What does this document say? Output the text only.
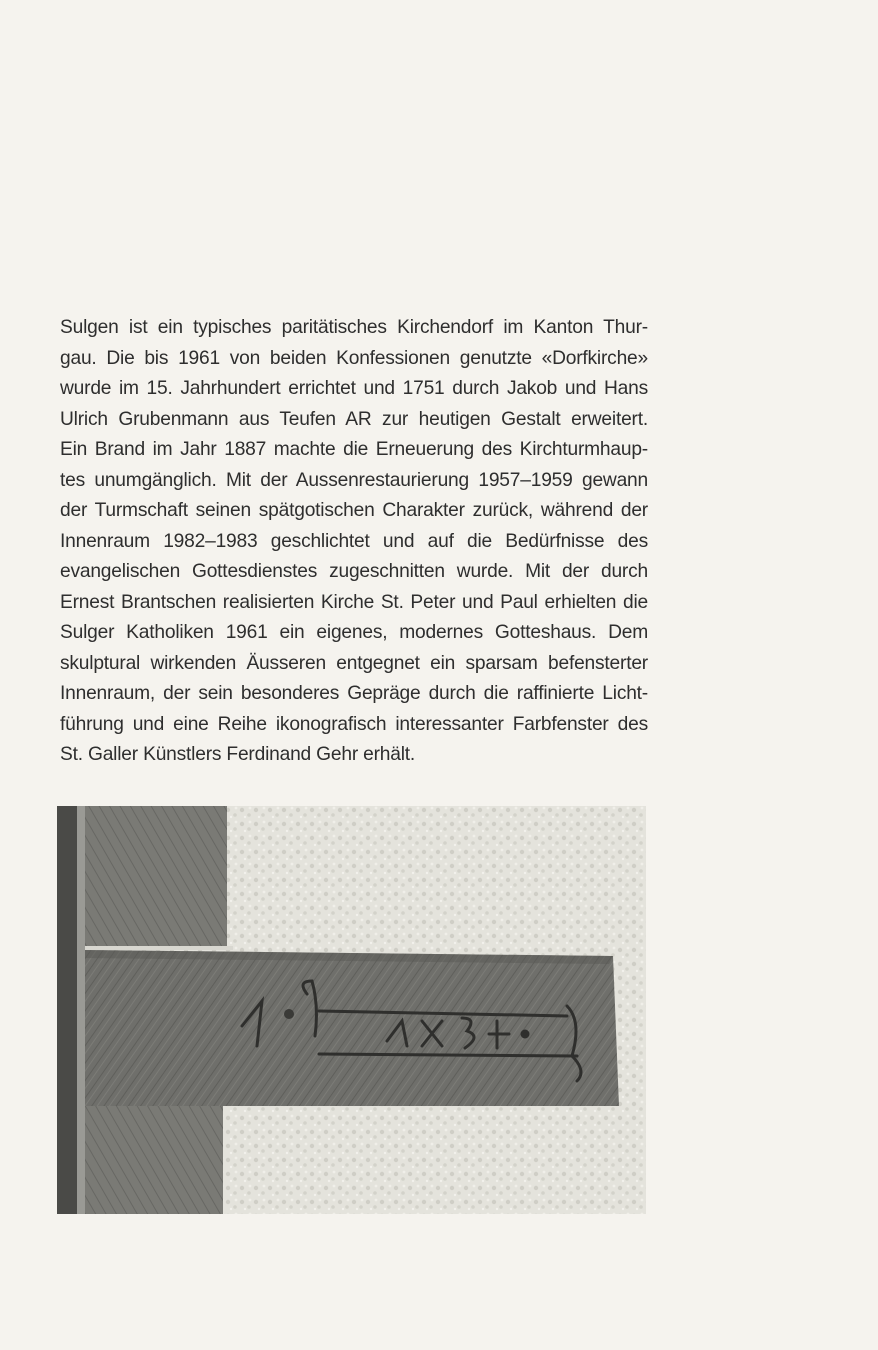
Sulgen ist ein typisches paritätisches Kirchendorf im Kanton Thur-
gau. Die bis 1961 von beiden Konfessionen genutzte «Dorfkirche»
wurde im 15. Jahrhundert errichtet und 1751 durch Jakob und Hans
Ulrich Grubenmann aus Teufen AR zur heutigen Gestalt erweitert.
Ein Brand im Jahr 1887 machte die Erneuerung des Kirchturmhaup-
tes unumgänglich. Mit der Aussenrestaurierung 1957–1959 gewann
der Turmschaft seinen spätgotischen Charakter zurück, während der
Innenraum 1982–1983 geschlichtet und auf die Bedürfnisse des
evangelischen Gottesdienstes zugeschnitten wurde. Mit der durch
Ernest Brantschen realisierten Kirche St. Peter und Paul erhielten die
Sulger Katholiken 1961 ein eigenes, modernes Gotteshaus. Dem
skulptural wirkenden Äusseren entgegnet ein sparsam befensterter
Innenraum, der sein besonderes Gepräge durch die raffinierte Licht-
führung und eine Reihe ikonografisch interessanter Farbfenster des
St. Galler Künstlers Ferdinand Gehr erhält.
